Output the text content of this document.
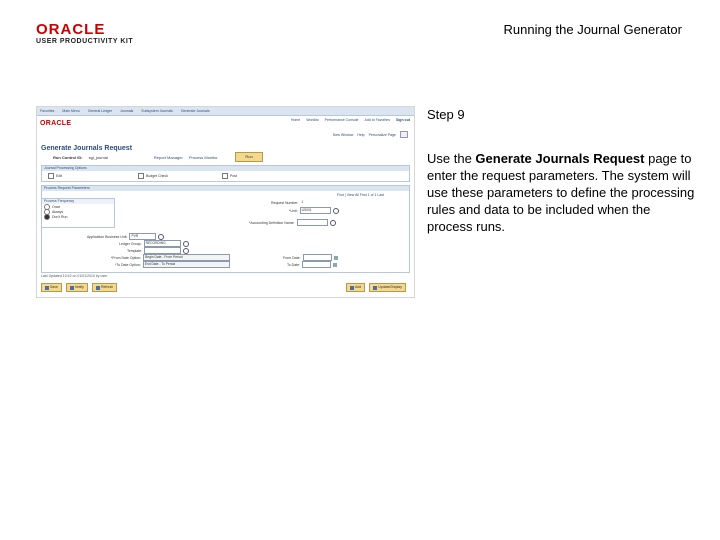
ORACLE
USER PRODUCTIVITY KIT
Running the Journal Generator
Favorites Main Menu General Ledger Journals Subsystem Journals Generate Journals
ORACLE	Home Worklist Performance Console Add to Favorites Sign out
New Window Help Personalize Page
Generate Journals Request
Run Control ID: sgl_journal	Report Manager Process Monitor	Run
Journal Processing Options
Edit	Budget Check	Post
Process Request Parameters
Find | View All First 1 of 1 Last
Process Frequency
Once
Always
Don't Run
Request Number: 1
*Unit:	US001
*Accounting Definition Name:
Application Business Unit:	PVR
Ledger Group:	RECORDING
Template:
*From Date Option:	Begin Date - From Period
*To Date Option:	End Date - To Period
From Date:
To Date:
Last Updated 10:42 on 01/01/2010 by user
Save	Notify	Refresh	Add	Update/Display
Step 9
Use the Generate Journals Request page to enter the request parameters. The system will use these parameters to define the processing rules and data to be included when the process runs.
